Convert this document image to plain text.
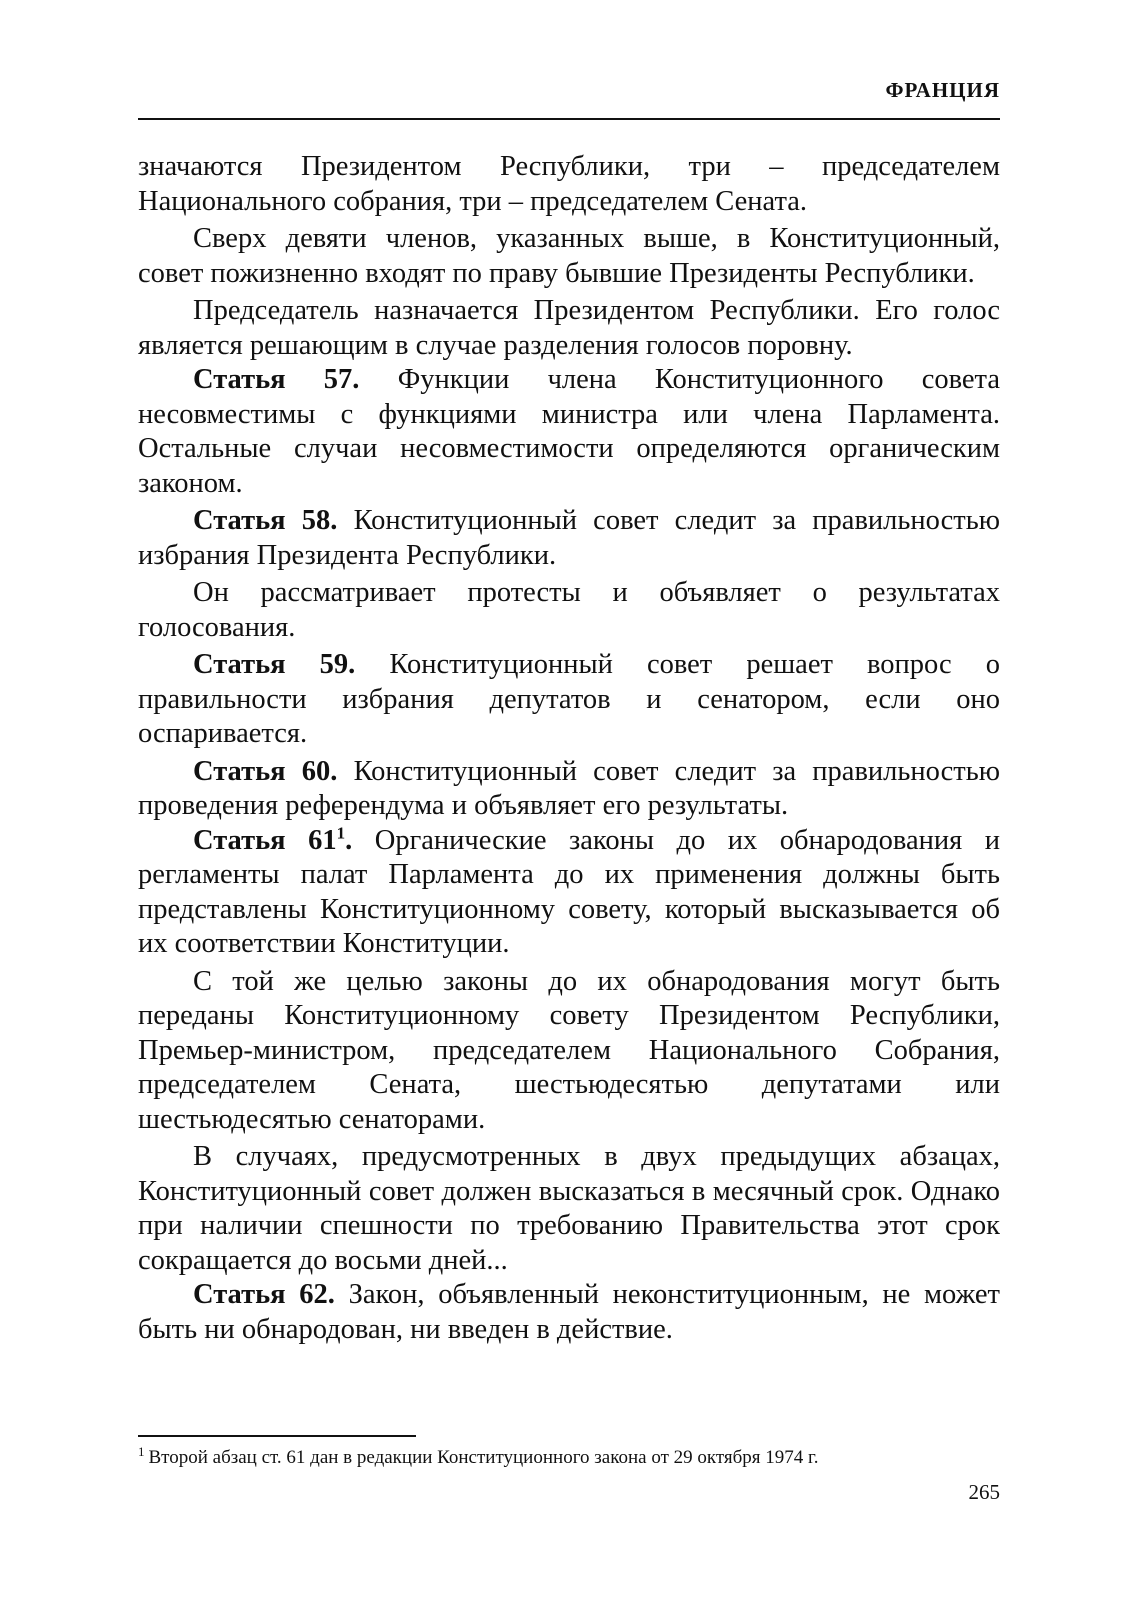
ФРАНЦИЯ

значаются Президентом Республики, три – председателем Национального собрания, три – председателем Сената.

Сверх девяти членов, указанных выше, в Конституционный, совет пожизненно входят по праву бывшие Президенты Республики.

Председатель назначается Президентом Республики. Его голос является решающим в случае разделения голосов поровну.

Статья 57. Функции члена Конституционного совета несовместимы с функциями министра или члена Парламента. Остальные случаи несовместимости определяются органическим законом.

Статья 58. Конституционный совет следит за правильностью избрания Президента Республики.

Он рассматривает протесты и объявляет о результатах голосования.

Статья 59. Конституционный совет решает вопрос о правильности избрания депутатов и сенатором, если оно оспаривается.

Статья 60. Конституционный совет следит за правильностью проведения референдума и объявляет его результаты.

Статья 61$^1$. Органические законы до их обнародования и регламенты палат Парламента до их применения должны быть представлены Конституционному совету, который высказывается об их соответствии Конституции.

С той же целью законы до их обнародования могут быть переданы Конституционному совету Президентом Республики, Премьер-министром, председателем Национального Собрания, председателем Сената, шестьюдесятью депутатами или шестьюдесятью сенаторами.

В случаях, предусмотренных в двух предыдущих абзацах, Конституционный совет должен высказаться в месячный срок. Однако при наличии спешности по требованию Правительства этот срок сокращается до восьми дней...

Статья 62. Закон, объявленный неконституционным, не может быть ни обнародован, ни введен в действие.

$^1$ Второй абзац ст. 61 дан в редакции Конституционного закона от 29 октября 1974 г.
265
